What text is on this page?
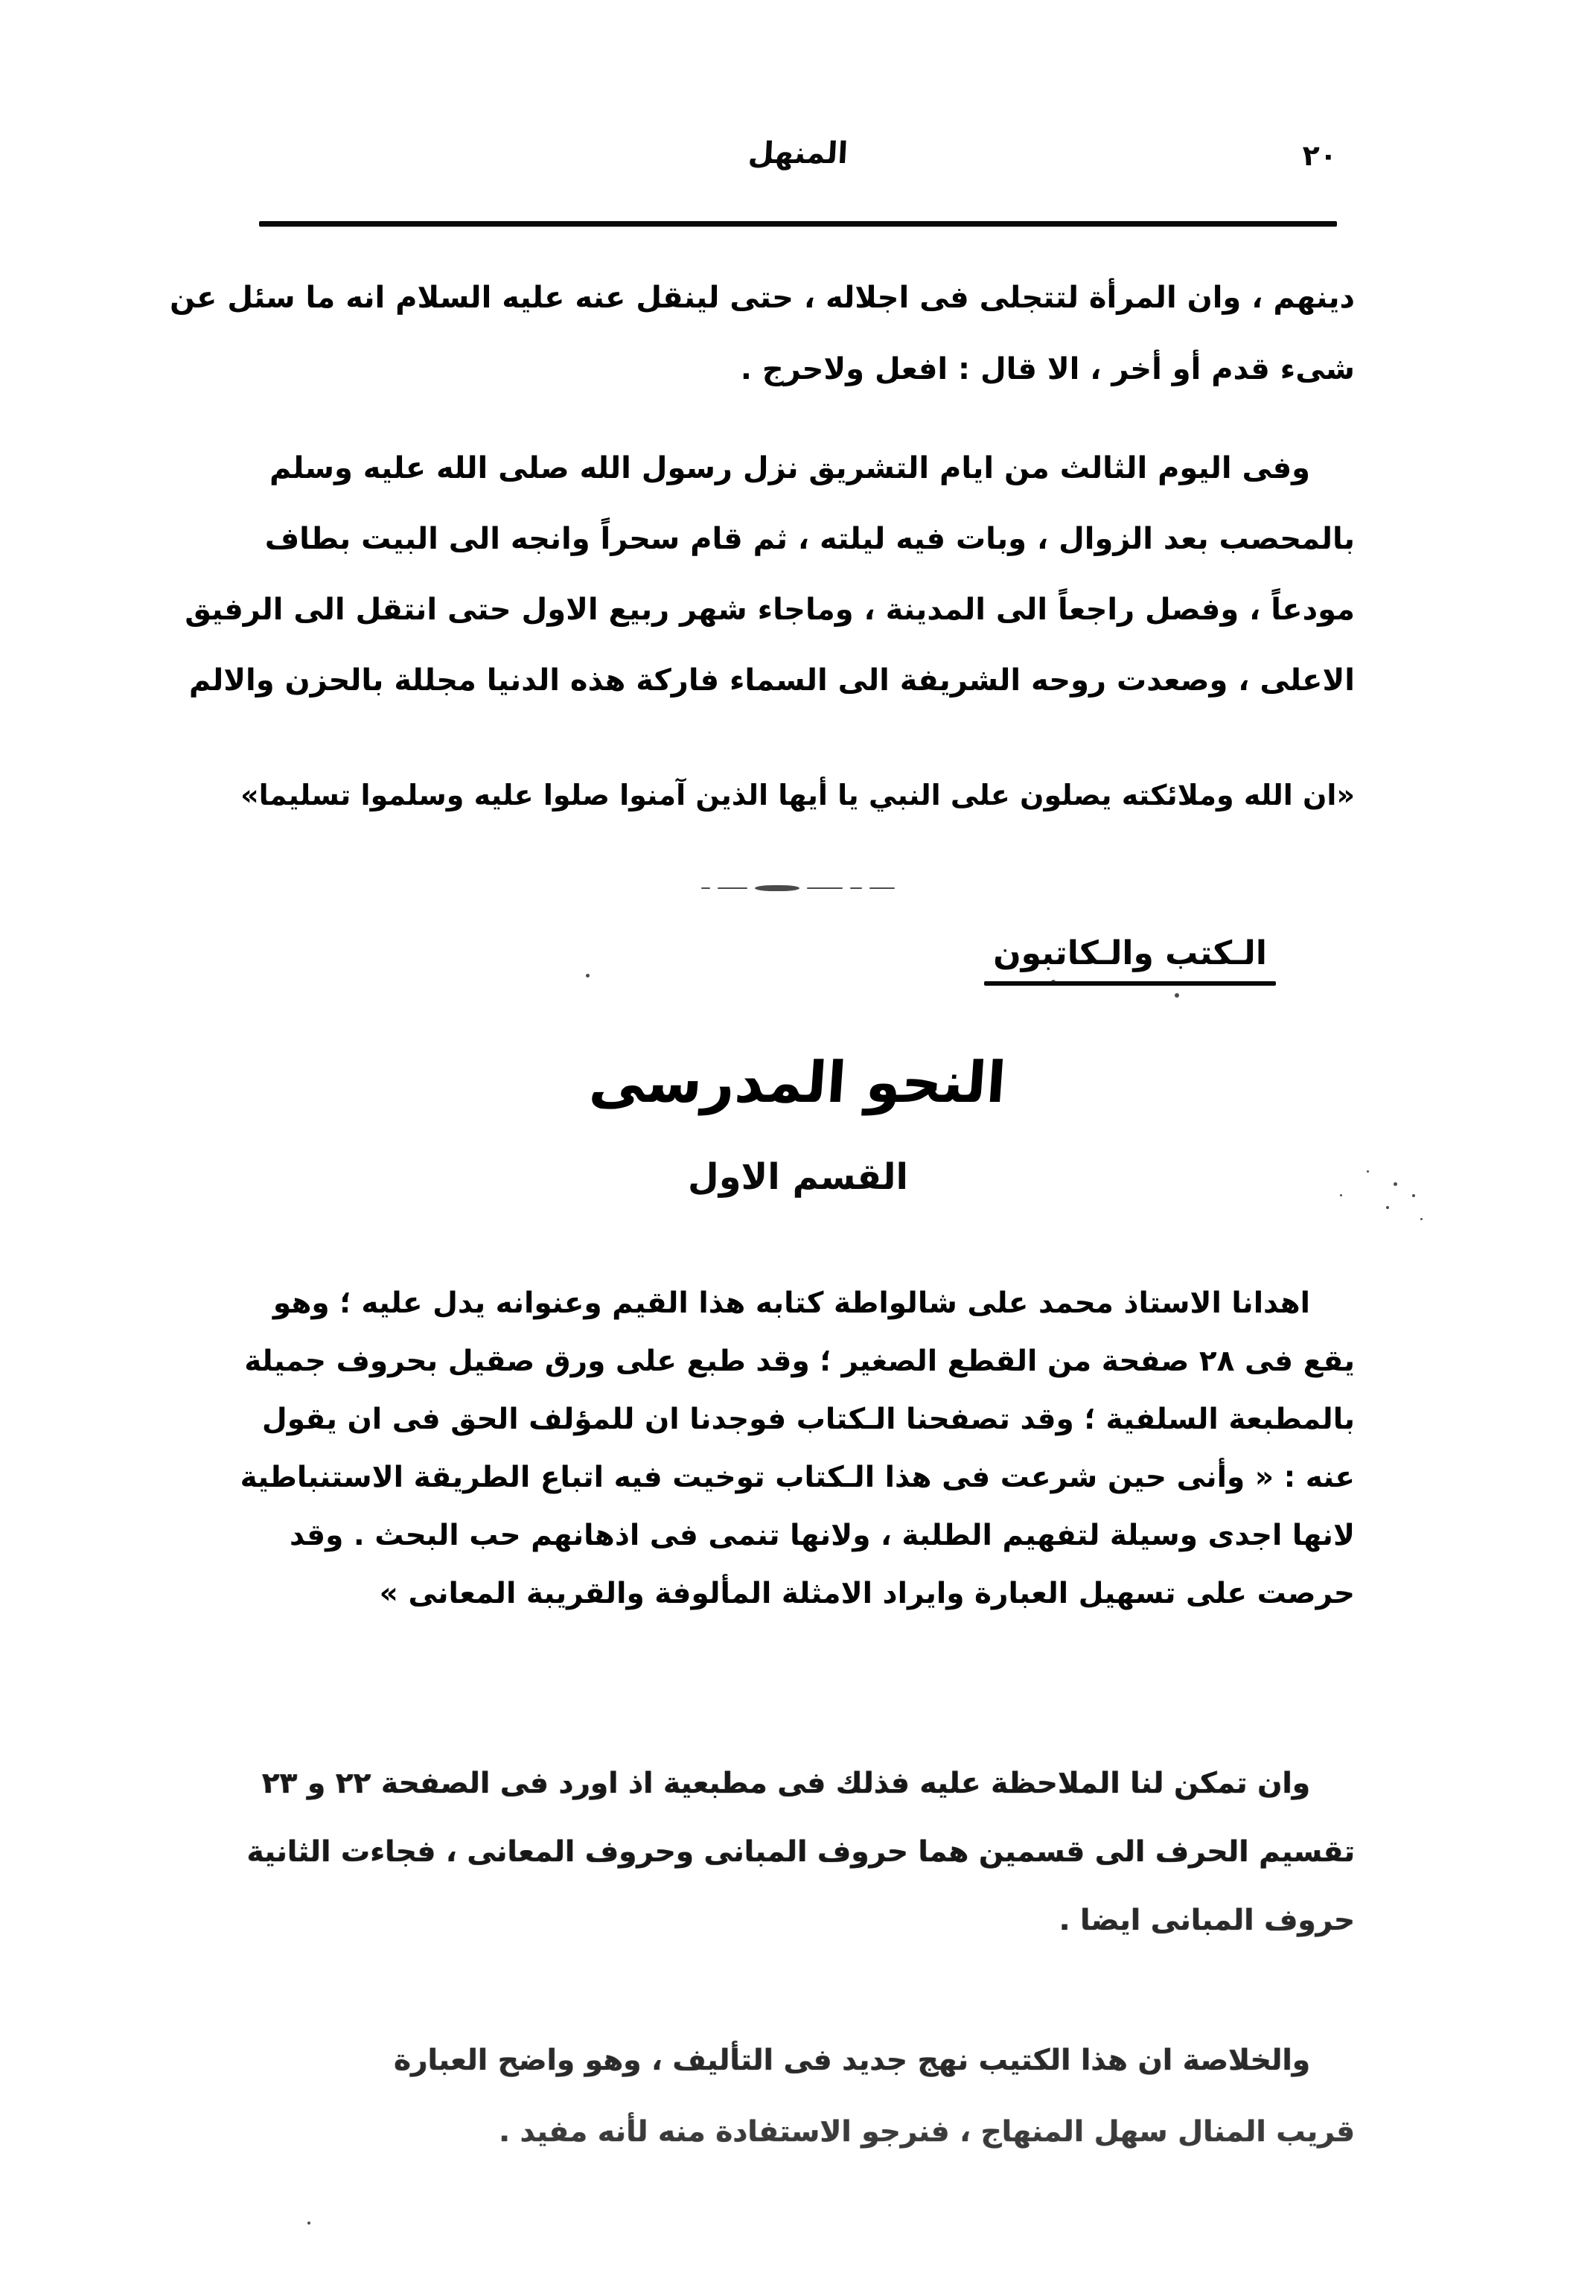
المنهل	٢٠
دينهم ، وان المرأة لتتجلى فى اجلاله ، حتى لينقل عنه عليه السلام انه ما سئل عن
شىء قدم أو أخر ، الا قال : افعل ولاحرج .
وفى اليوم الثالث من ايام التشريق نزل رسول الله صلى الله عليه وسلم
بالمحصب بعد الزوال ، وبات فيه ليلته ، ثم قام سحراً وانجه الى البيت بطاف
مودعاً ، وفصل راجعاً الى المدينة ، وماجاء شهر ربيع الاول حتى انتقل الى الرفيق
الاعلى ، وصعدت روحه الشريفة الى السماء فاركة هذه الدنيا مجللة بالحزن والالم
«ان الله وملائكته يصلون على النبي يا أيها الذين آمنوا صلوا عليه وسلموا تسليما»
الـكتب والـكاتبون
النحو المدرسى
القسم الاول
اهدانا الاستاذ محمد على شالواطة كتابه هذا القيم وعنوانه يدل عليه ؛ وهو
يقع فى ٢٨ صفحة من القطع الصغير ؛ وقد طبع على ورق صقيل بحروف جميلة
بالمطبعة السلفية ؛ وقد تصفحنا الـكتاب فوجدنا ان للمؤلف الحق فى ان يقول
عنه : « وأنى حين شرعت فى هذا الـكتاب توخيت فيه اتباع الطريقة الاستنباطية
لانها اجدى وسيلة لتفهيم الطلبة ، ولانها تنمى فى اذهانهم حب البحث . وقد
حرصت على تسهيل العبارة وايراد الامثلة المألوفة والقريبة المعانى »
وان تمكن لنا الملاحظة عليه فذلك فى مطبعية اذ اورد فى الصفحة ٢٢ و ٢٣
تقسيم الحرف الى قسمين هما حروف المبانى وحروف المعانى ، فجاءت الثانية
حروف المبانى ايضا .
والخلاصة ان هذا الكتيب نهج جديد فى التأليف ، وهو واضح العبارة
قريب المنال سهل المنهاج ، فنرجو الاستفادة منه لأنه مفيد .
